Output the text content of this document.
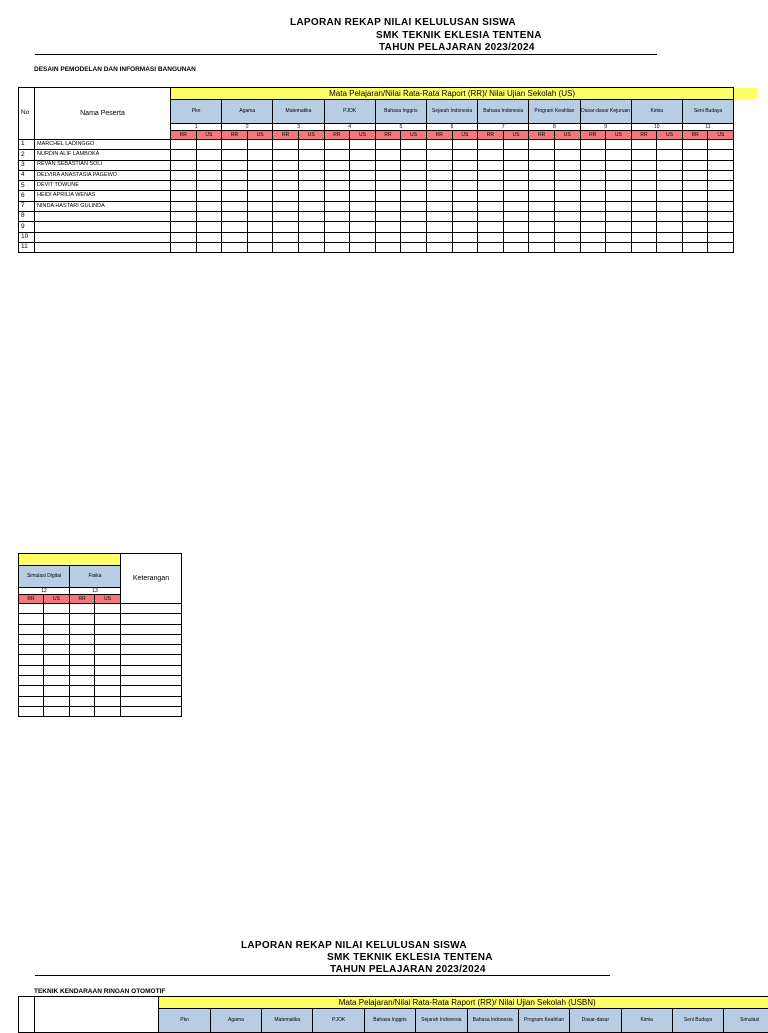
LAPORAN REKAP NILAI KELULUSAN SISWA
SMK TEKNIK EKLESIA TENTENA
TAHUN PELAJARAN 2023/2024
DESAIN PEMODELAN DAN INFORMASI BANGUNAN
No	Nama Peserta	Mata Pelajaran/Nilai Rata-Rata Raport (RR)/ Nilai Ujian Sekolah (US)																					
		Pkn		Agama		Matematika		PJOK		Bahasa Inggris		Sejarah Indonesia		Bahasa Indonesia		Program Keahlian		Dasar-dasar Kejuruan		Kimia		Seni Budaya	
		1		2		3		4		5		6		7		8		9		10		11	
		RR	US	RR	US	RR	US	RR	US	RR	US	RR	US	RR	US	RR	US	RR	US	RR	US	RR	US
1	MARCHEL LADINGGO																						
2	NURDIN ALIF LAMBOKA																						
3	REVAN SEBASTIAN SOLI																						
4	DELVIRA ANASTASIA PAGEWO																						
5	DEVIT TOWUNE																						
6	HEIDI APRILIA WENAS																						
7	NINDA HASTARI GULINDA																						
8																							
9																							
10																							
11																							
				Keterangan
Simulasi Digital		Fisika		
12		13		
RR	US	RR	US	

LAPORAN REKAP NILAI KELULUSAN SISWA
SMK TEKNIK EKLESIA TENTENA
TAHUN PELAJARAN 2023/2024
TEKNIK KENDARAAN RINGAN OTOMOTIF
		Mata Pelajaran/Nilai Rata-Rata Raport (RR)/ Nilai Ujian Sekolah (USBN)											
		Pkn	Agama	Matematika	PJOK	Bahasa Inggris	Sejarah Indonesia	Bahasa Indonesia	Program Keahlian	Dasar-dasar	Kimia	Seni Budaya	Simulasi
